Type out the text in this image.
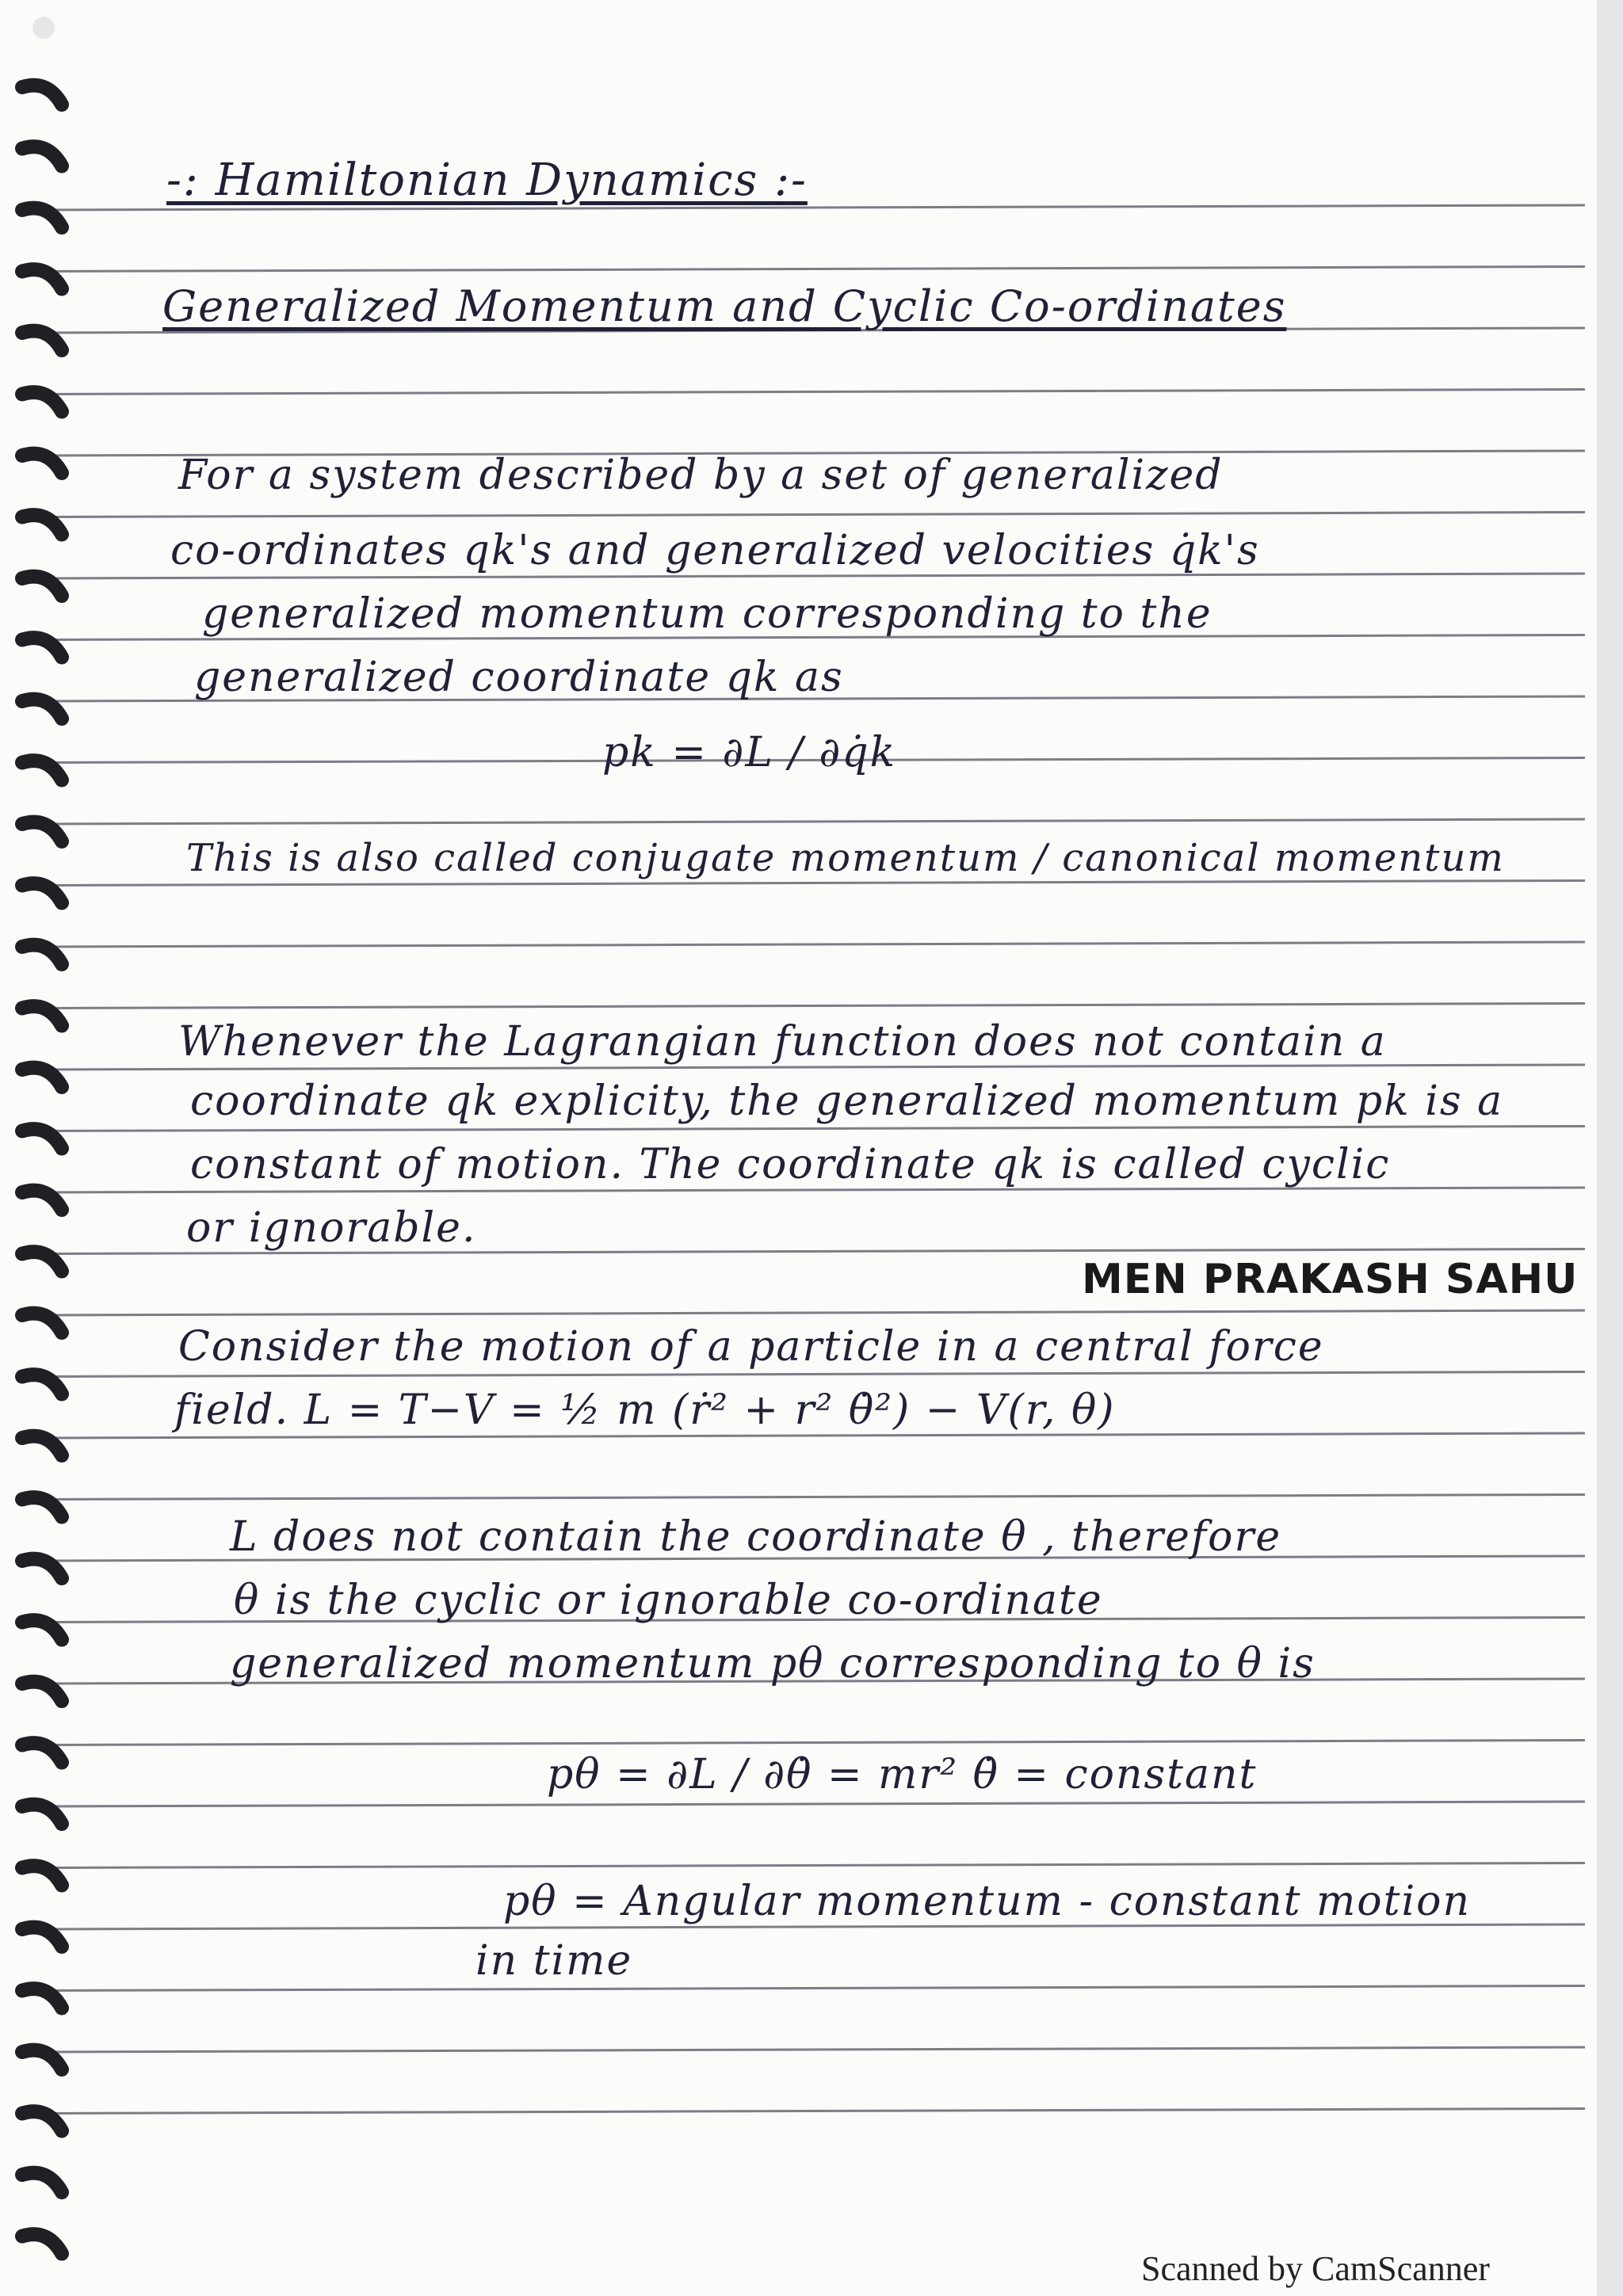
-: Hamiltonian Dynamics :-
Generalized Momentum and Cyclic Co-ordinates
For a system described by a set of generalized
co-ordinates qk's and generalized velocities q̇k's
generalized momentum corresponding to the
generalized coordinate qk as
pk = ∂L / ∂q̇k
This is also called conjugate momentum / canonical momentum
Whenever the Lagrangian function does not contain a
coordinate qk explicity, the generalized momentum pk is a
constant of motion. The coordinate qk is called cyclic
or ignorable.
MEN PRAKASH SAHU
Consider the motion of a particle in a central force
field. L = T−V = ½ m (ṙ² + r² θ̇²) − V(r, θ)
L does not contain the coordinate θ , therefore
θ is the cyclic or ignorable co-ordinate
generalized momentum pθ corresponding to θ is
pθ = ∂L / ∂θ̇ = mr² θ̇ = constant
pθ = Angular momentum - constant motion
in time
Scanned by CamScanner
